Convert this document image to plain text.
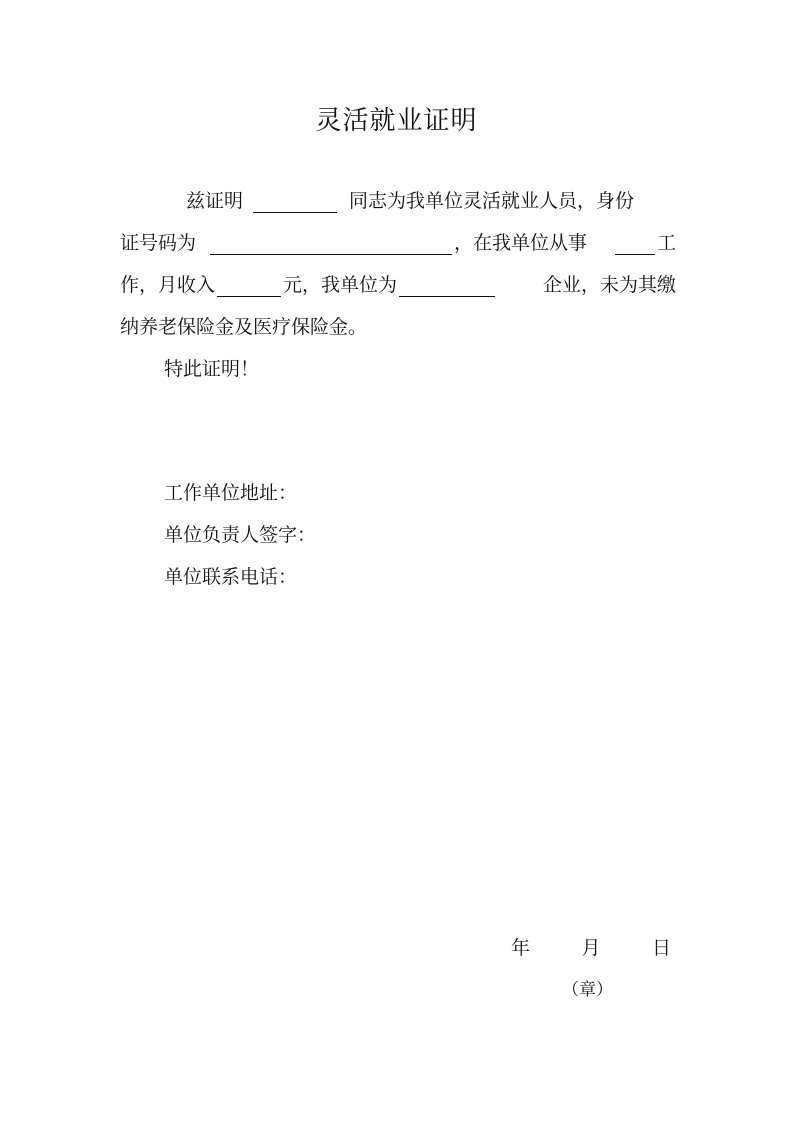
灵活就业证明
兹证明	同志为我单位灵活就业人员，身份
证号码为	，在我单位从事	工
作，月收入	元，我单位为	企业，未为其缴
纳养老保险金及医疗保险金。
特此证明！
工作单位地址：
单位负责人签字：
单位联系电话：
年	月	日
（章）
